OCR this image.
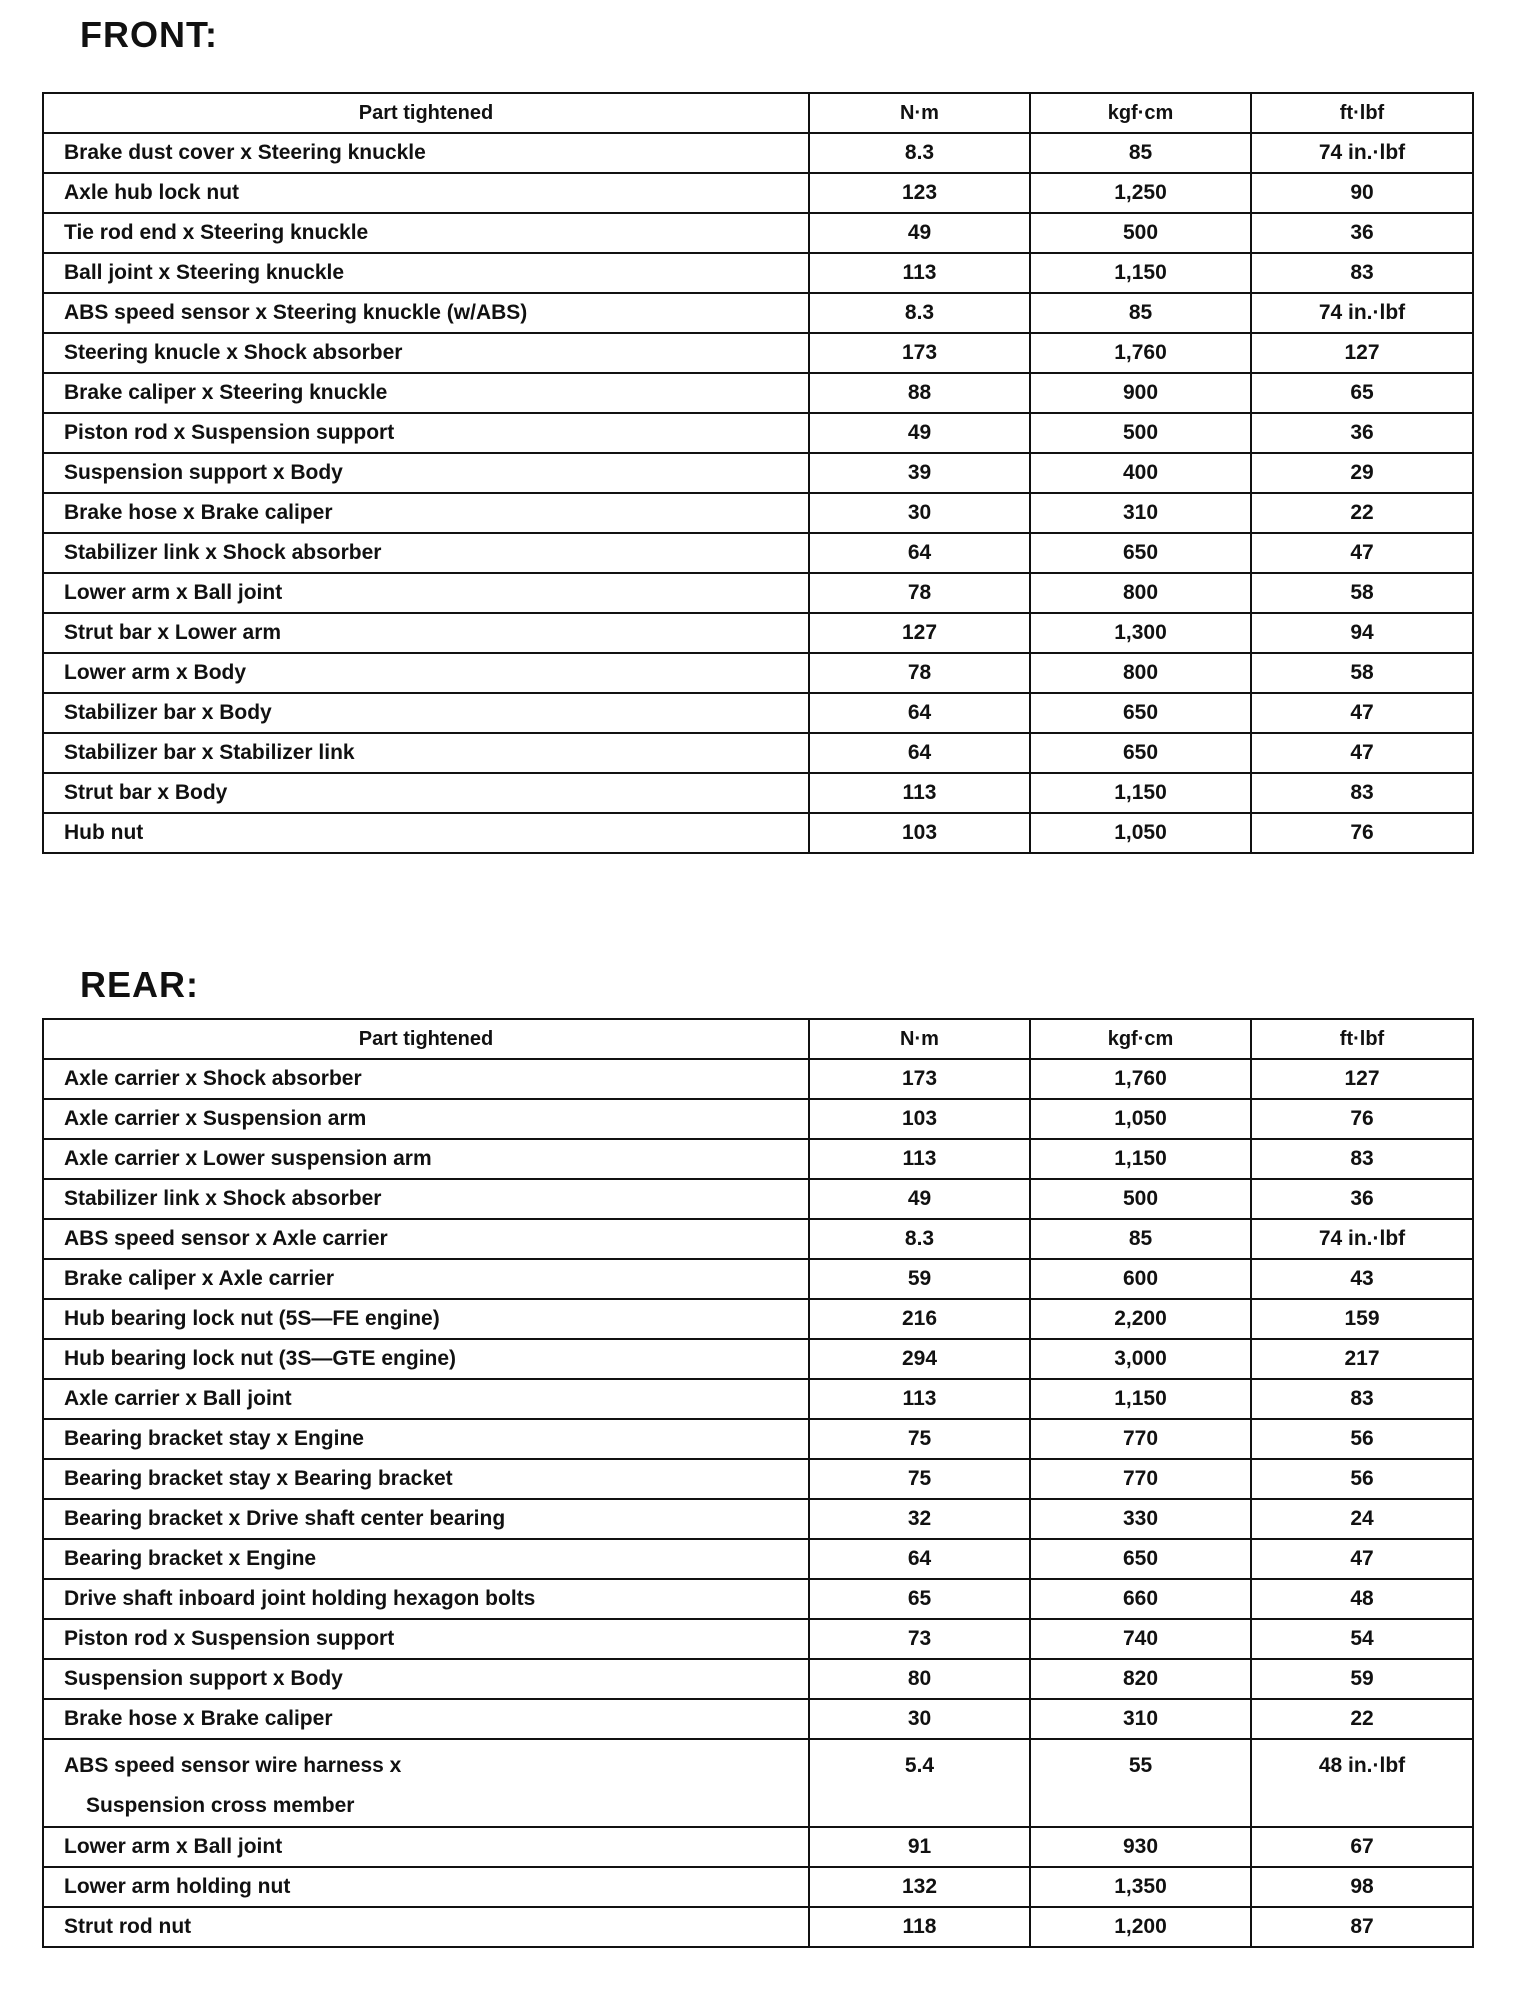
FRONT:
Part tightened	N·m	kgf·cm	ft·lbf
Brake dust cover x Steering knuckle	8.3	85	74 in.·lbf
Axle hub lock nut	123	1,250	90
Tie rod end x Steering knuckle	49	500	36
Ball joint x Steering knuckle	113	1,150	83
ABS speed sensor x Steering knuckle (w/ABS)	8.3	85	74 in.·lbf
Steering knucle x Shock absorber	173	1,760	127
Brake caliper x Steering knuckle	88	900	65
Piston rod x Suspension support	49	500	36
Suspension support x Body	39	400	29
Brake hose x Brake caliper	30	310	22
Stabilizer link x Shock absorber	64	650	47
Lower arm x Ball joint	78	800	58
Strut bar x Lower arm	127	1,300	94
Lower arm x Body	78	800	58
Stabilizer bar x Body	64	650	47
Stabilizer bar x Stabilizer link	64	650	47
Strut bar x Body	113	1,150	83
Hub nut	103	1,050	76
REAR:
Part tightened	N·m	kgf·cm	ft·lbf
Axle carrier x Shock absorber	173	1,760	127
Axle carrier x Suspension arm	103	1,050	76
Axle carrier x Lower suspension arm	113	1,150	83
Stabilizer link x Shock absorber	49	500	36
ABS speed sensor x Axle carrier	8.3	85	74 in.·lbf
Brake caliper x Axle carrier	59	600	43
Hub bearing lock nut (5S—FE engine)	216	2,200	159
Hub bearing lock nut (3S—GTE engine)	294	3,000	217
Axle carrier x Ball joint	113	1,150	83
Bearing bracket stay x Engine	75	770	56
Bearing bracket stay x Bearing bracket	75	770	56
Bearing bracket x Drive shaft center bearing	32	330	24
Bearing bracket x Engine	64	650	47
Drive shaft inboard joint holding hexagon bolts	65	660	48
Piston rod x Suspension support	73	740	54
Suspension support x Body	80	820	59
Brake hose x Brake caliper	30	310	22
ABS speed sensor wire harness x
Suspension cross member	5.4	55	48 in.·lbf
Lower arm x Ball joint	91	930	67
Lower arm holding nut	132	1,350	98
Strut rod nut	118	1,200	87
